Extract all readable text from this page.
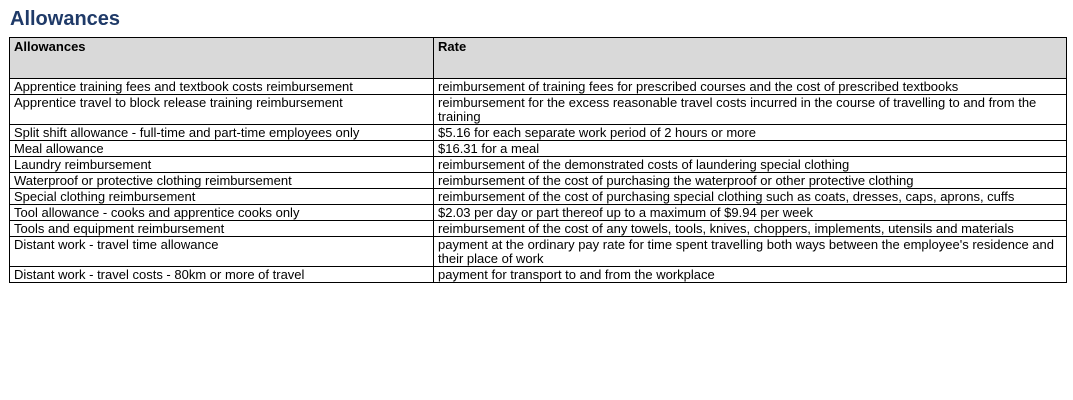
Allowances
Allowances	Rate
Apprentice training fees and textbook costs reimbursement	reimbursement of training fees for prescribed courses and the cost of prescribed textbooks
Apprentice travel to block release training reimbursement	reimbursement for the excess reasonable travel costs incurred in the course of travelling to and from the training
Split shift allowance - full-time and part-time employees only	$5.16 for each separate work period of 2 hours or more
Meal allowance	$16.31 for a meal
Laundry reimbursement	reimbursement of the demonstrated costs of laundering special clothing
Waterproof or protective clothing reimbursement	reimbursement of the cost of purchasing the waterproof or other protective clothing
Special clothing reimbursement	reimbursement of the cost of purchasing special clothing such as coats, dresses, caps, aprons, cuffs
Tool allowance - cooks and apprentice cooks only	$2.03 per day or part thereof up to a maximum of $9.94 per week
Tools and equipment reimbursement	reimbursement of the cost of any towels, tools, knives, choppers, implements, utensils and materials
Distant work - travel time allowance	payment at the ordinary pay rate for time spent travelling both ways between the employee's residence and their place of work
Distant work - travel costs - 80km or more of travel	payment for transport to and from the workplace
